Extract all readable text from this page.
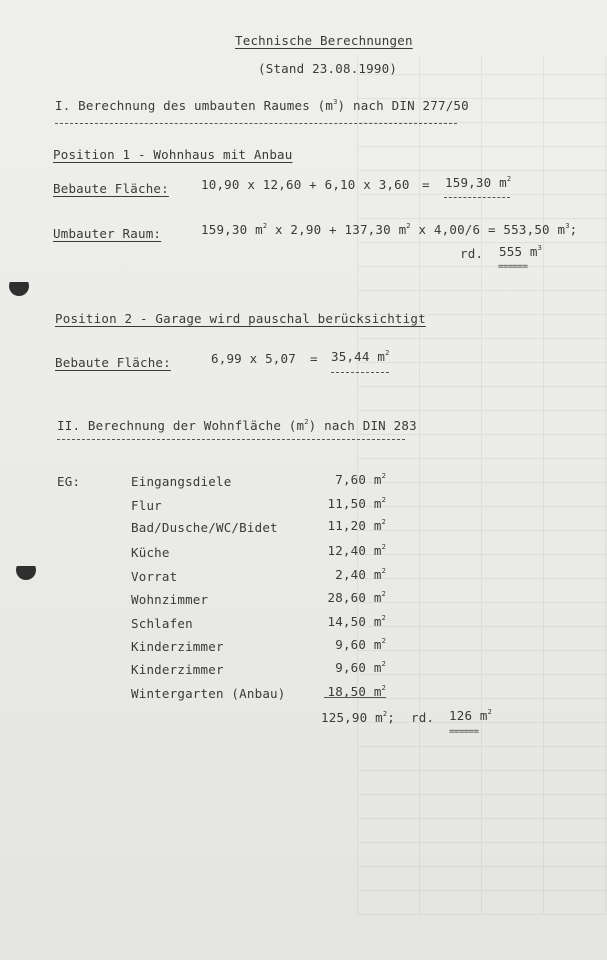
Technische Berechnungen
(Stand 23.08.1990)
I. Berechnung des umbauten Raumes $(m^3)$ nach DIN 277/50
Position 1 - Wohnhaus mit Anbau
Bebaute Fläche:	10,90 x 12,60 + 6,10 x 3,60 = 159,30 $m^2$
Umbauter Raum:	159,30 $m^2$ x 2,90 + 137,30 $m^2$ x 4,00/6 = 553,50 $m^3$;
rd. 555 $m^3$
======
Position 2 - Garage wird pauschal berücksichtigt
Bebaute Fläche:	6,99 x 5,07 = 35,44 $m^2$
II. Berechnung der Wohnfläche $(m^2)$ nach DIN 283
EG:	Eingangsdiele	7,60 $m^2$
Flur	11,50 $m^2$
Bad/Dusche/WC/Bidet	11,20 $m^2$
Küche	12,40 $m^2$
Vorrat	2,40 $m^2$
Wohnzimmer	28,60 $m^2$
Schlafen	14,50 $m^2$
Kinderzimmer	9,60 $m^2$
Kinderzimmer	9,60 $m^2$
Wintergarten (Anbau)	18,50 $m^2$
125,90 $m^2$; rd. 126 $m^2$
======
